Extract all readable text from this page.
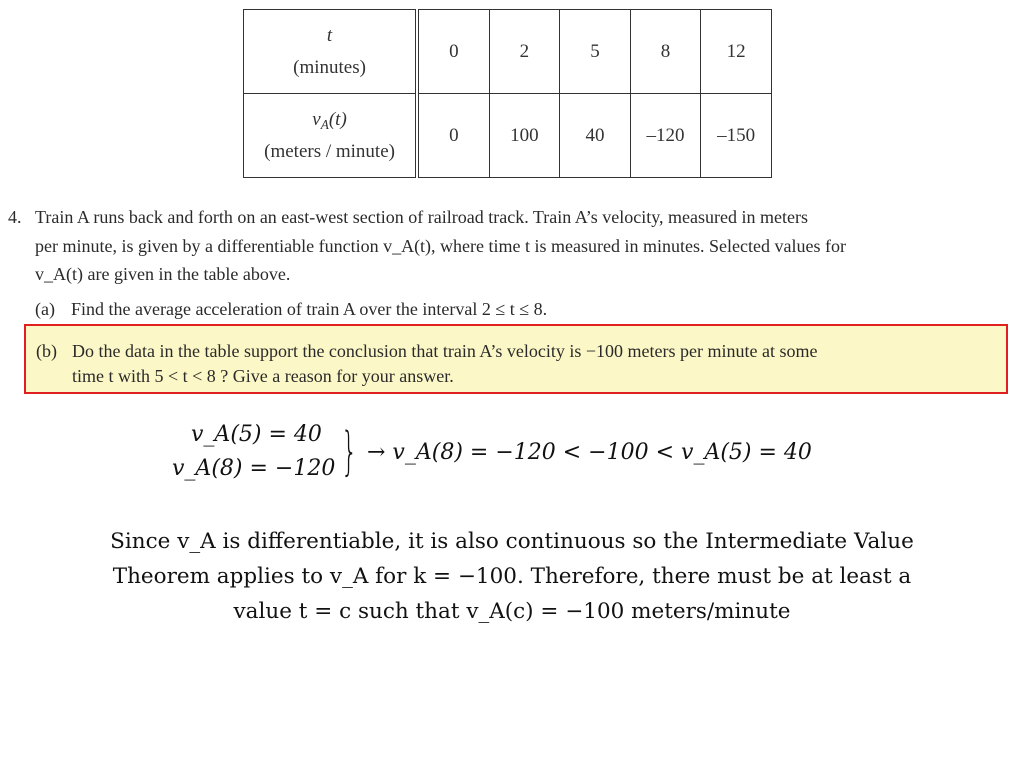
t
(minutes)	0	2	5	8	12
$v_A(t)$
(meters / minute)	0	100	40	–120	–150
4. Train A runs back and forth on an east-west section of railroad track. Train A’s velocity, measured in meters
per minute, is given by a differentiable function v_A(t), where time t is measured in minutes. Selected values for
v_A(t) are given in the table above.
(a) Find the average acceleration of train A over the interval 2 ≤ t ≤ 8.
(b) Do the data in the table support the conclusion that train A’s velocity is −100 meters per minute at some
time t with 5 < t < 8 ? Give a reason for your answer.
v_A(5) = 40
v_A(8) = −120 } → v_A(8) = −120 < −100 < v_A(5) = 40
Since v_A is differentiable, it is also continuous so the Intermediate Value
Theorem applies to v_A for k = −100. Therefore, there must be at least a
value t = c such that v_A(c) = −100 meters/minute
